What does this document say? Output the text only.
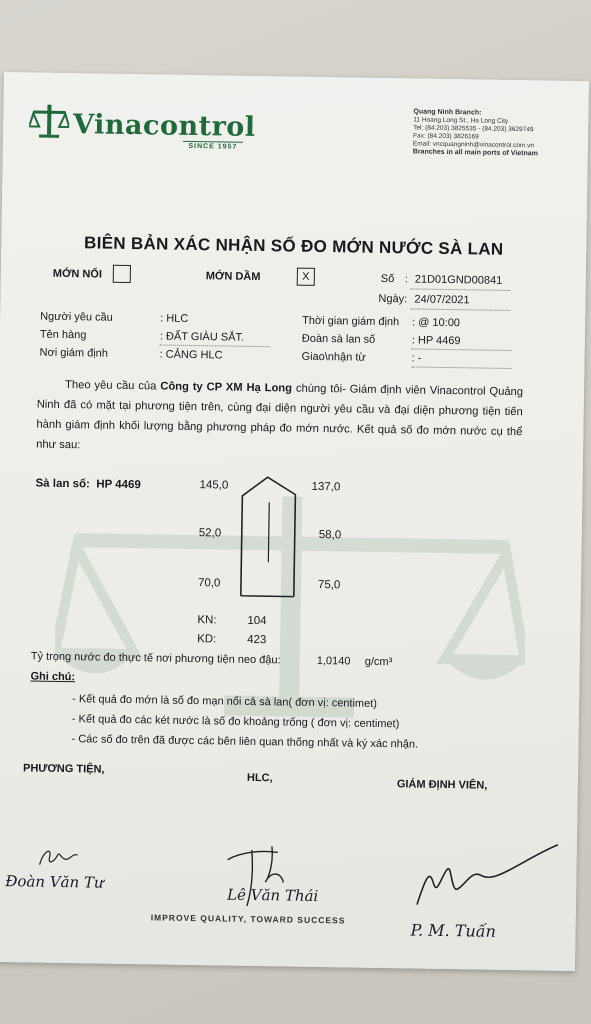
Vinacontrol
SINCE 1957
Quang Ninh Branch:
11 Hoang Long St., Ha Long City
Tel: (84.203) 3825535 - (84.203) 3629749
Fax: (84.203) 3826169
Email: vncquangninh@vinacontrol.com.vn
Branches in all main ports of Vietnam
BIÊN BẢN XÁC NHẬN SỐ ĐO MỚN NƯỚC SÀ LAN
MỚN NỔI	MỚN DẦM	X	Số : 21D01GND00841
Ngày: 24/07/2021
Người yêu cầu	: HLC
Tên hàng	: ĐẤT GIÀU SẮT.
Nơi giám định	: CẢNG HLC
Thời gian giám định : @ 10:00
Đoàn sà lan số	: HP 4469
Giao\nhận từ	: -
Theo yêu cầu của Công ty CP XM Hạ Long chúng tôi- Giám định viên Vinacontrol Quảng Ninh đã có mặt tại phương tiện trên, cùng đại diện người yêu cầu và đại diện phương tiện tiến hành giám định khối lượng bằng phương pháp đo mớn nước. Kết quả số đo mớn nước cụ thể như sau:
Sà lan số: HP 4469	145,0	137,0
52,0	58,0
70,0	75,0
KN:	104
KD:	423
Tỷ trọng nước đo thực tế nơi phương tiện neo đậu:	1,0140 g/cm³
Ghi chú:
- Kết quả đo mớn là số đo mạn nổi cả sà lan( đơn vị: centimet)
- Kết quả đo các két nước là số đo khoảng trống ( đơn vị: centimet)
- Các số đo trên đã được các bên liên quan thống nhất và ký xác nhận.
PHƯƠNG TIỆN,
HLC,
GIÁM ĐỊNH VIÊN,
Đoàn Văn Tư
Lê Văn Thái
P. M. Tuấn
IMPROVE QUALITY, TOWARD SUCCESS
